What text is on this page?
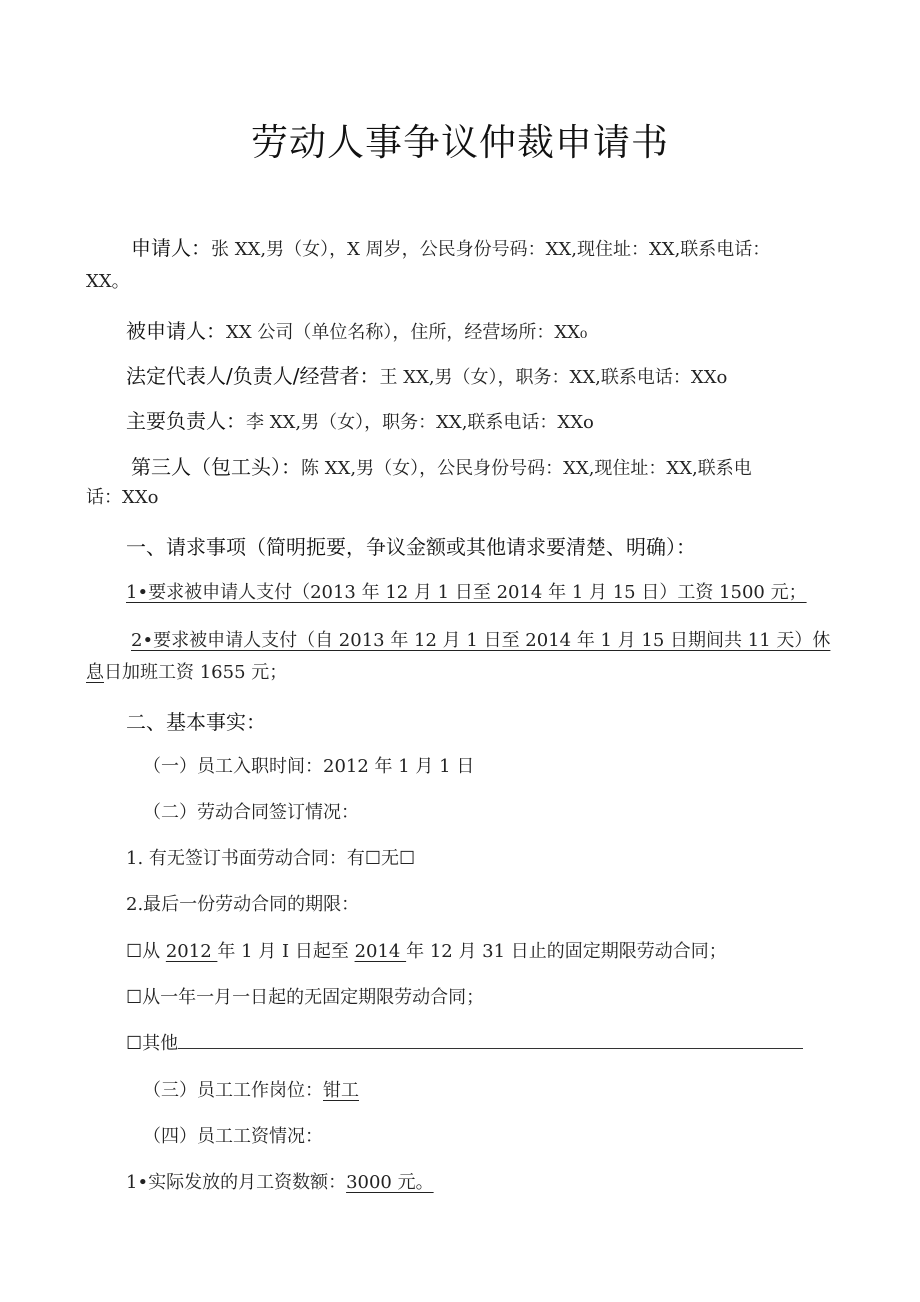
劳动人事争议仲裁申请书
申请人：张 XX,男（女），X 周岁，公民身份号码：XX,现住址：XX,联系电话：
XX。
被申请人：XX 公司（单位名称），住所，经营场所：XX₀
法定代表人/负责人/经营者：王 XX,男（女），职务：XX,联系电话：XXo
主要负责人：李 XX,男（女），职务：XX,联系电话：XXo
第三人（包工头）：陈 XX,男（女），公民身份号码：XX,现住址：XX,联系电
话：XXo
一、请求事项（简明扼要，争议金额或其他请求要清楚、明确）：
1•要求被申请人支付（2013 年 12 月 1 日至 2014 年 1 月 15 日）工资 1500 元；
2•要求被申请人支付（自 2013 年 12 月 1 日至 2014 年 1 月 15 日期间共 11 天）休
息日加班工资 1655 元；
二、基本事实：
（一）员工入职时间：2012 年 1 月 1 日
（二）劳动合同签订情况：
1. 有无签订书面劳动合同：有☐无☐
2.最后一份劳动合同的期限：
☐从 2012 年 1 月 I 日起至 2014 年 12 月 31 日止的固定期限劳动合同；
☐从一年一月一日起的无固定期限劳动合同；
☐其他
（三）员工工作岗位：钳工
（四）员工工资情况：
1•实际发放的月工资数额：3000 元。
